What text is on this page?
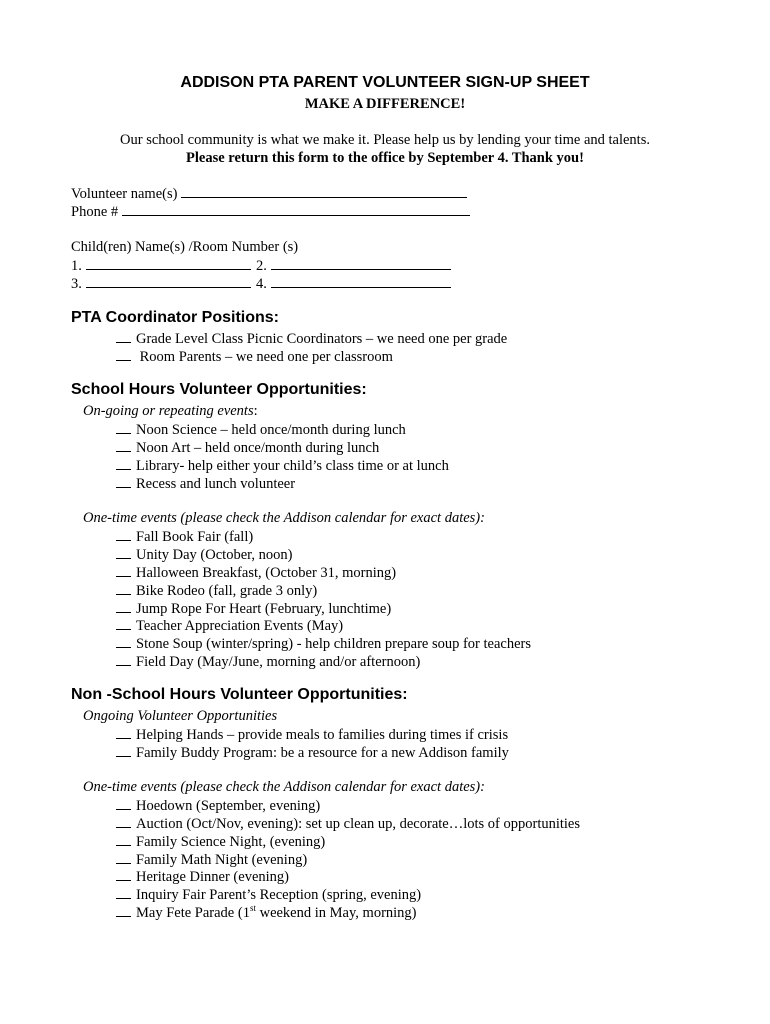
ADDISON PTA PARENT VOLUNTEER SIGN-UP SHEET
MAKE A DIFFERENCE!
Our school community is what we make it. Please help us by lending your time and talents.
Please return this form to the office by September 4. Thank you!
Volunteer name(s)
Phone #
Child(ren) Name(s) /Room Number (s)
1.	2.
3.	4.
PTA Coordinator Positions:
Grade Level Class Picnic Coordinators – we need one per grade
Room Parents – we need one per classroom
School Hours Volunteer Opportunities:
On-going or repeating events:
Noon Science – held once/month during lunch
Noon Art – held once/month during lunch
Library- help either your child’s class time or at lunch
Recess and lunch volunteer
One-time events (please check the Addison calendar for exact dates):
Fall Book Fair (fall)
Unity Day (October, noon)
Halloween Breakfast, (October 31, morning)
Bike Rodeo (fall, grade 3 only)
Jump Rope For Heart (February, lunchtime)
Teacher Appreciation Events (May)
Stone Soup (winter/spring) - help children prepare soup for teachers
Field Day (May/June, morning and/or afternoon)
Non -School Hours Volunteer Opportunities:
Ongoing Volunteer Opportunities
Helping Hands – provide meals to families during times if crisis
Family Buddy Program: be a resource for a new Addison family
One-time events (please check the Addison calendar for exact dates):
Hoedown (September, evening)
Auction (Oct/Nov, evening): set up clean up, decorate…lots of opportunities
Family Science Night, (evening)
Family Math Night (evening)
Heritage Dinner (evening)
Inquiry Fair Parent’s Reception (spring, evening)
May Fete Parade (1st weekend in May, morning)
